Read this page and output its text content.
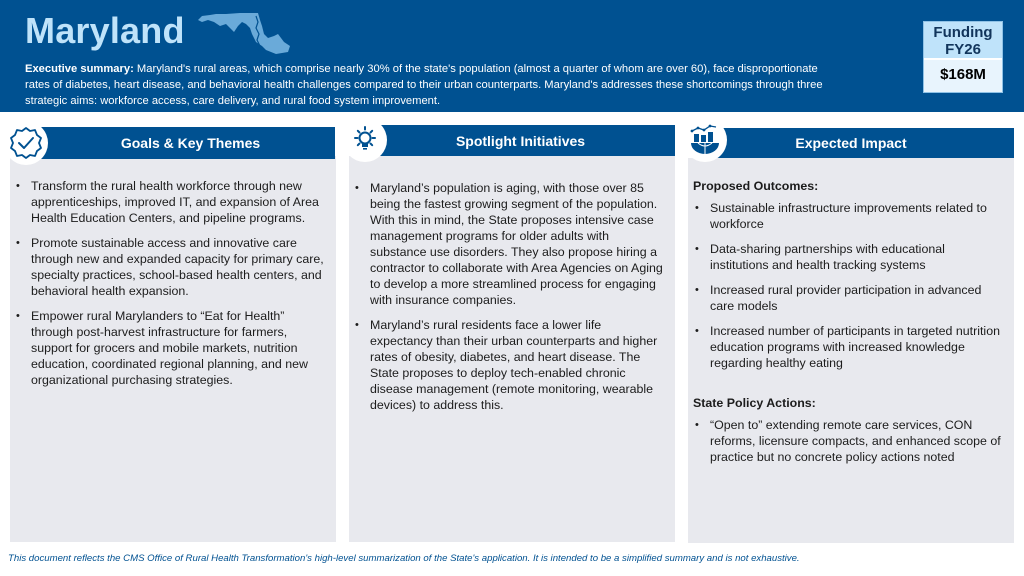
Maryland
Executive summary: Maryland's rural areas, which comprise nearly 30% of the state's population (almost a quarter of whom are over 60), face disproportionate rates of diabetes, heart disease, and behavioral health challenges compared to their urban counterparts. Maryland's addresses these shortcomings through three strategic aims: workforce access, care delivery, and rural food system improvement.
Funding
FY26
$168M
• Transform the rural health workforce through new apprenticeships, improved IT, and expansion of Area Health Education Centers, and pipeline programs.
• Promote sustainable access and innovative care through new and expanded capacity for primary care, specialty practices, school-based health centers, and behavioral health expansion.
• Empower rural Marylanders to “Eat for Health” through post-harvest infrastructure for farmers, support for grocers and mobile markets, nutrition education, coordinated regional planning, and new organizational purchasing strategies.
Goals & Key Themes
• Maryland’s population is aging, with those over 85 being the fastest growing segment of the population. With this in mind, the State proposes intensive case management programs for older adults with substance use disorders. They also propose hiring a contractor to collaborate with Area Agencies on Aging to develop a more streamlined process for engaging with insurance companies.
• Maryland’s rural residents face a lower life expectancy than their urban counterparts and higher rates of obesity, diabetes, and heart disease. The State proposes to deploy tech-enabled chronic disease management (remote monitoring, wearable devices) to address this.
Spotlight Initiatives
Proposed Outcomes:
• Sustainable infrastructure improvements related to workforce
• Data-sharing partnerships with educational institutions and health tracking systems
• Increased rural provider participation in advanced care models
• Increased number of participants in targeted nutrition education programs with increased knowledge regarding healthy eating
State Policy Actions:
• “Open to” extending remote care services, CON reforms, licensure compacts, and enhanced scope of practice but no concrete policy actions noted
Expected Impact
This document reflects the CMS Office of Rural Health Transformation's high-level summarization of the State's application. It is intended to be a simplified summary and is not exhaustive.
